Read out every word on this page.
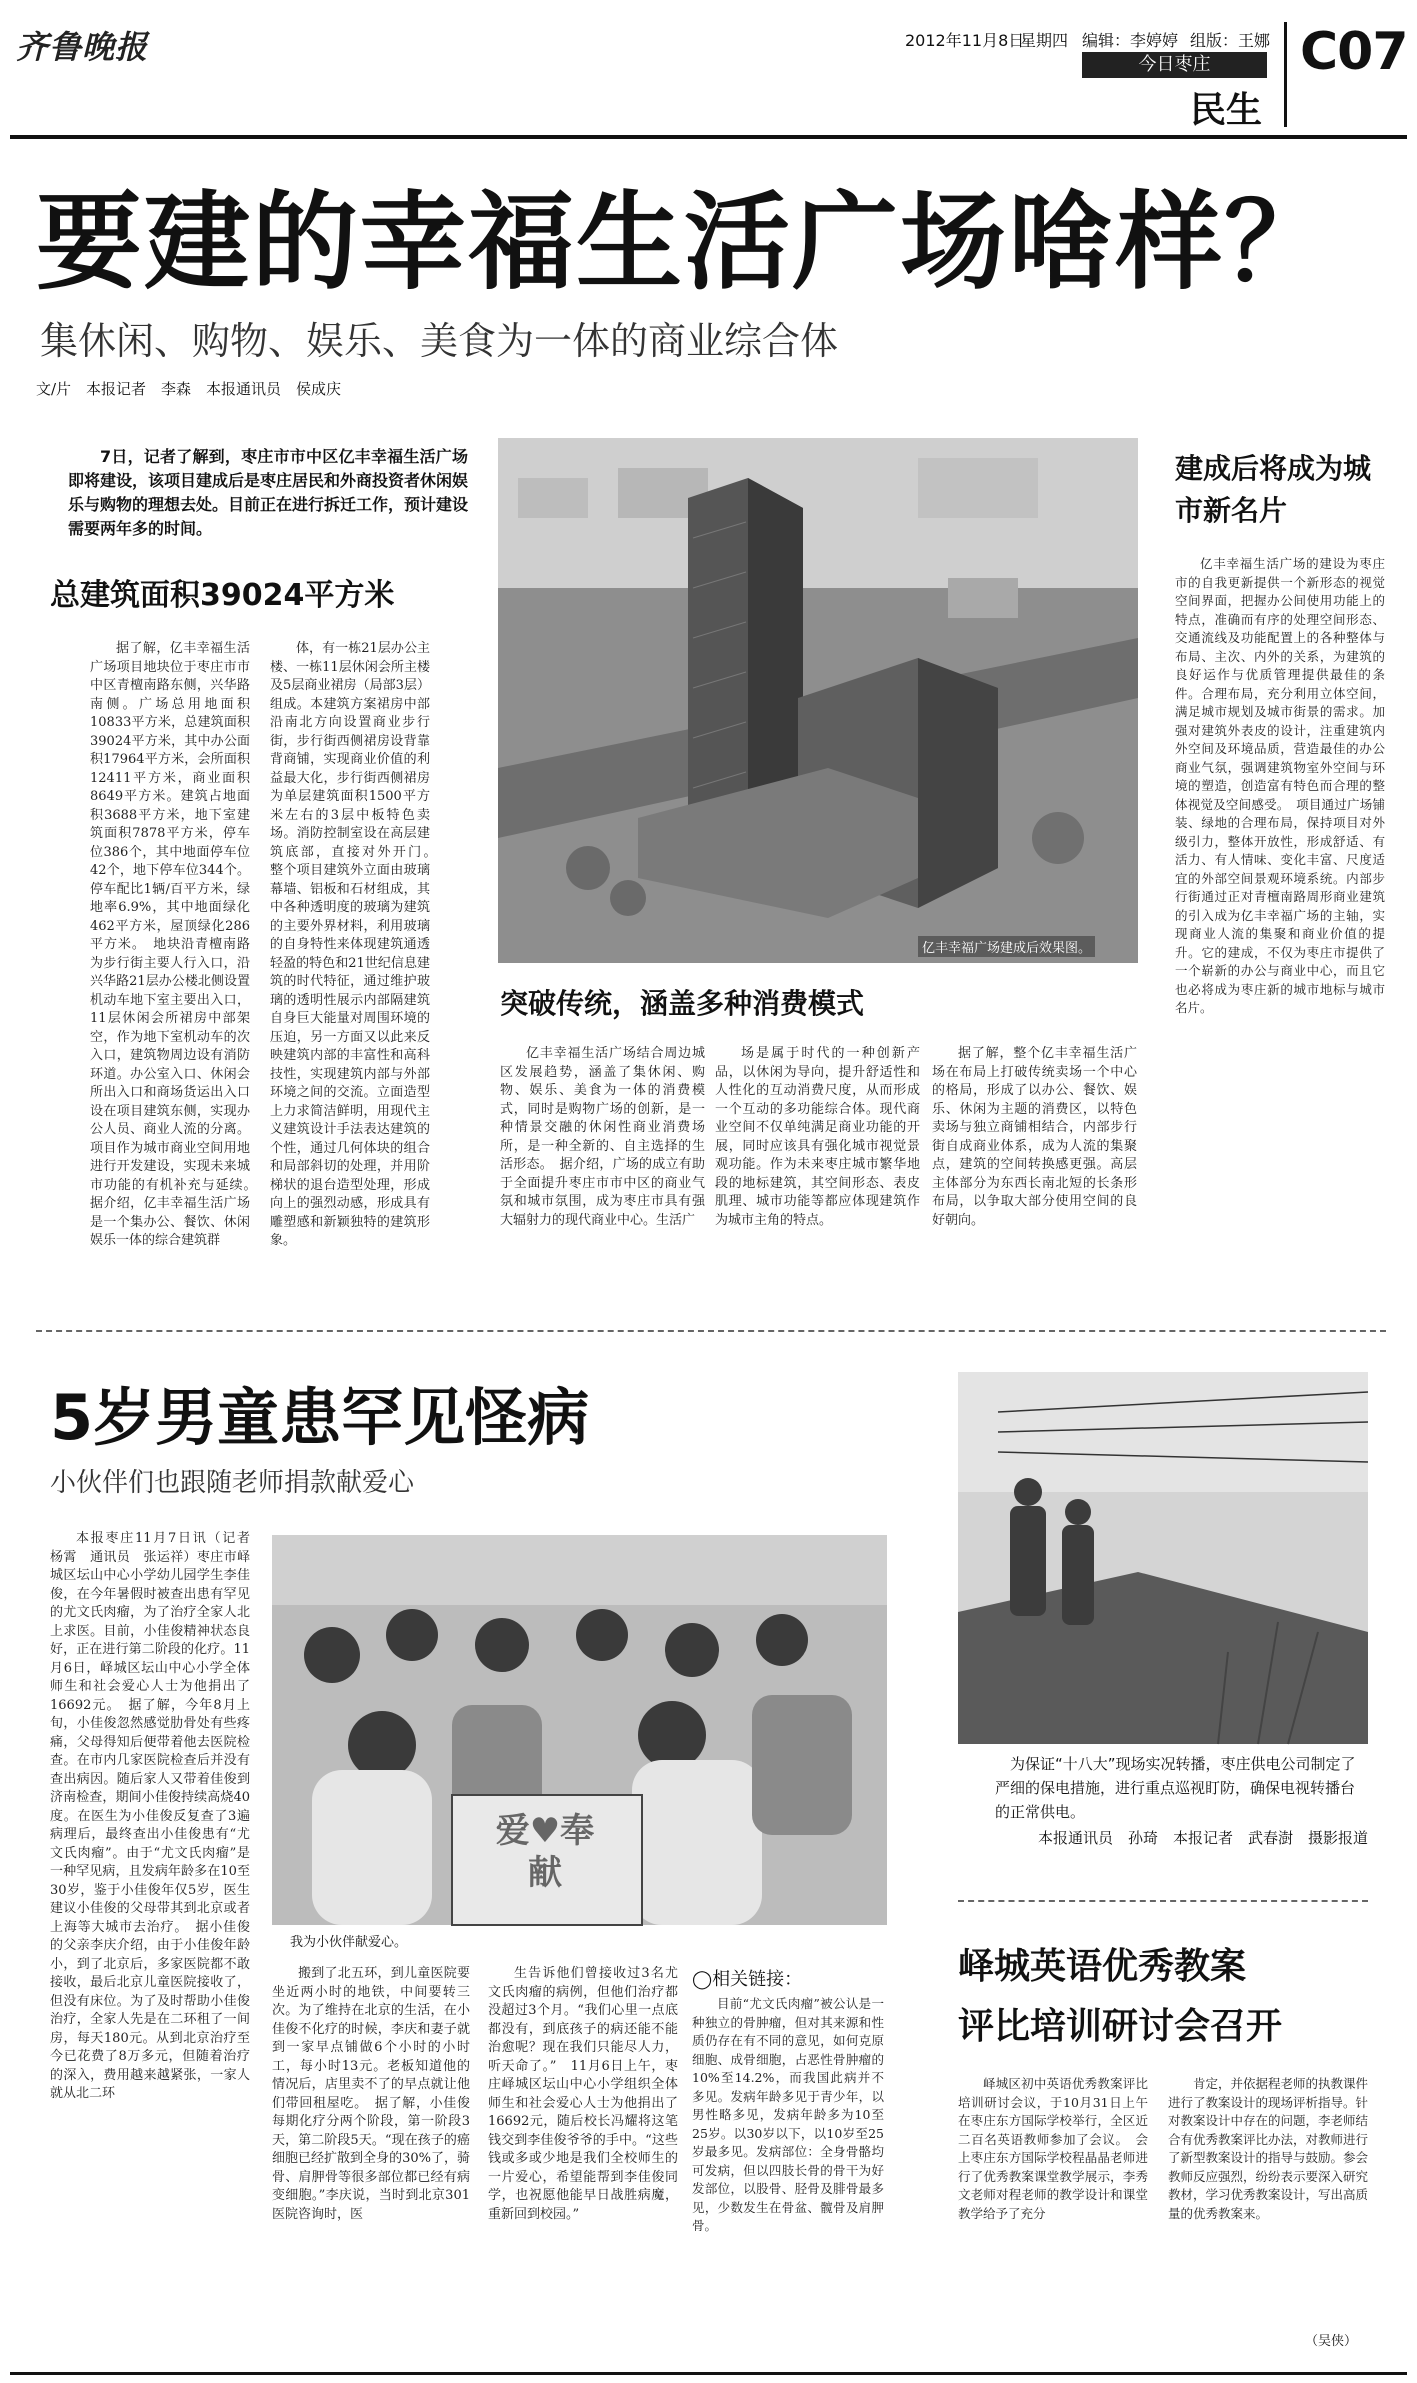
齐鲁晚报	2012年11月8日
星期四 编辑：李婷婷 组版：王娜
今日枣庄
民生
C07
要建的幸福生活广场啥样？
集休闲、购物、娱乐、美食为一体的商业综合体
文/片　本报记者　李森　本报通讯员　侯成庆
7日，记者了解到，枣庄市市中区亿丰幸福生活广场即将建设，该项目建成后是枣庄居民和外商投资者休闲娱乐与购物的理想去处。目前正在进行拆迁工作，预计建设需要两年多的时间。
总建筑面积39024平方米

据了解，亿丰幸福生活广场项目地块位于枣庄市市中区青檀南路东侧，兴华路南侧。广场总用地面积10833平方米，总建筑面积39024平方米，其中办公面积17964平方米，会所面积12411平方米，商业面积8649平方米。建筑占地面积3688平方米，地下室建筑面积7878平方米，停车位386个，其中地面停车位42个，地下停车位344个。停车配比1辆/百平方米，绿地率6.9%，其中地面绿化462平方米，屋顶绿化286平方米。　地块沿青檀南路为步行街主要人行入口，沿兴华路21层办公楼北侧设置机动车地下室主要出入口，11层休闲会所裙房中部架空，作为地下室机动车的次入口，建筑物周边设有消防环道。办公室入口、休闲会所出入口和商场货运出入口设在项目建筑东侧，实现办公人员、商业人流的分离。项目作为城市商业空间用地进行开发建设，实现未来城市功能的有机补充与延续。　据介绍，亿丰幸福生活广场是一个集办公、餐饮、休闲娱乐一体的综合建筑群

体，有一栋21层办公主楼、一栋11层休闲会所主楼及5层商业裙房（局部3层）组成。本建筑方案裙房中部沿南北方向设置商业步行街，步行街西侧裙房设背靠背商铺，实现商业价值的利益最大化，步行街西侧裙房为单层建筑面积1500平方米左右的3层中板特色卖场。消防控制室设在高层建筑底部，直接对外开门。　整个项目建筑外立面由玻璃幕墙、铝板和石材组成，其中各种透明度的玻璃为建筑的主要外界材料，利用玻璃的自身特性来体现建筑通透轻盈的特色和21世纪信息建筑的时代特征，通过维护玻璃的透明性展示内部隔建筑自身巨大能量对周围环境的压迫，另一方面又以此来反映建筑内部的丰富性和高科技性，实现建筑内部与外部环境之间的交流。立面造型上力求简洁鲜明，用现代主义建筑设计手法表达建筑的个性，通过几何体块的组合和局部斜切的处理，并用阶梯状的退台造型处理，形成向上的强烈动感，形成具有雕塑感和新颖独特的建筑形象。

亿丰幸福广场建成后效果图。
突破传统，涵盖多种消费模式

亿丰幸福生活广场结合周边城区发展趋势，涵盖了集休闲、购物、娱乐、美食为一体的消费模式，同时是购物广场的创新，是一种情景交融的休闲性商业消费场所，是一种全新的、自主选择的生活形态。　据介绍，广场的成立有助于全面提升枣庄市市中区的商业气氛和城市氛围，成为枣庄市具有强大辐射力的现代商业中心。生活广

场是属于时代的一种创新产品，以休闲为导向，提升舒适性和人性化的互动消费尺度，从而形成一个互动的多功能综合体。现代商业空间不仅单纯满足商业功能的开展，同时应该具有强化城市视觉景观功能。作为未来枣庄城市繁华地段的地标建筑，其空间形态、表皮肌理、城市功能等都应体现建筑作为城市主角的特点。

据了解，整个亿丰幸福生活广场在布局上打破传统卖场一个中心的格局，形成了以办公、餐饮、娱乐、休闲为主题的消费区，以特色卖场与独立商铺相结合，内部步行街自成商业体系，成为人流的集聚点，建筑的空间转换感更强。高层主体部分为东西长南北短的长条形布局，以争取大部分使用空间的良好朝向。

建成后将成为城市新名片

亿丰幸福生活广场的建设为枣庄市的自我更新提供一个新形态的视觉空间界面，把握办公间使用功能上的特点，准确而有序的处理空间形态、交通流线及功能配置上的各种整体与布局、主次、内外的关系，为建筑的良好运作与优质管理提供最佳的条件。合理布局，充分利用立体空间，满足城市规划及城市街景的需求。加强对建筑外表皮的设计，注重建筑内外空间及环境品质，营造最佳的办公商业气氛，强调建筑物室外空间与环境的塑造，创造富有特色而合理的整体视觉及空间感受。　项目通过广场铺装、绿地的合理布局，保持项目对外级引力，整体开放性，形成舒适、有活力、有人情味、变化丰富、尺度适宜的外部空间景观环境系统。内部步行街通过正对青檀南路周形商业建筑的引入成为亿丰幸福广场的主轴，实现商业人流的集聚和商业价值的提升。它的建成，不仅为枣庄市提供了一个崭新的办公与商业中心，而且它也必将成为枣庄新的城市地标与城市名片。

5岁男童患罕见怪病
小伙伴们也跟随老师捐款献爱心

本报枣庄11月7日讯（记者　杨霄　通讯员　张运祥）枣庄市峄城区坛山中心小学幼儿园学生李佳俊，在今年暑假时被查出患有罕见的尤文氏肉瘤，为了治疗全家人北上求医。目前，小佳俊精神状态良好，正在进行第二阶段的化疗。11月6日，峄城区坛山中心小学全体师生和社会爱心人士为他捐出了16692元。　据了解，今年8月上旬，小佳俊忽然感觉肋骨处有些疼痛，父母得知后便带着他去医院检查。在市内几家医院检查后并没有查出病因。随后家人又带着佳俊到济南检查，期间小佳俊持续高烧40度。在医生为小佳俊反复查了3遍病理后，最终查出小佳俊患有“尤文氏肉瘤”。由于“尤文氏肉瘤”是一种罕见病，且发病年龄多在10至30岁，鉴于小佳俊年仅5岁，医生建议小佳俊的父母带其到北京或者上海等大城市去治疗。　据小佳俊的父亲李庆介绍，由于小佳俊年龄小，到了北京后，多家医院都不敢接收，最后北京儿童医院接收了，但没有床位。为了及时帮助小佳俊治疗，全家人先是在二环租了一间房，每天180元。从到北京治疗至今已花费了8万多元，但随着治疗的深入，费用越来越紧张，一家人就从北二环

爱♥奉献
我为小伙伴献爱心。

搬到了北五环，到儿童医院要坐近两小时的地铁，中间要转三次。为了维持在北京的生活，在小佳俊不化疗的时候，李庆和妻子就到一家早点铺做6个小时的小时工，每小时13元。老板知道他的情况后，店里卖不了的早点就让他们带回租屋吃。　据了解，小佳俊每期化疗分两个阶段，第一阶段3天，第二阶段5天。“现在孩子的癌细胞已经扩散到全身的30%了，骑骨、肩胛骨等很多部位都已经有病变细胞。”李庆说，当时到北京301医院咨询时，医

生告诉他们曾接收过3名尤文氏肉瘤的病例，但他们治疗都没超过3个月。“我们心里一点底都没有，到底孩子的病还能不能治愈呢？现在我们只能尽人力，听天命了。”　11月6日上午，枣庄峄城区坛山中心小学组织全体师生和社会爱心人士为他捐出了16692元，随后校长冯耀将这笔钱交到李佳俊爷爷的手中。“这些钱或多或少地是我们全校师生的一片爱心，希望能帮到李佳俊同学，也祝愿他能早日战胜病魔，重新回到校园。”

◯相关链接：

目前“尤文氏肉瘤”被公认是一种独立的骨肿瘤，但对其来源和性质仍存在有不同的意见，如何克原细胞、成骨细胞，占恶性骨肿瘤的10%至14.2%，而我国此病并不多见。发病年龄多见于青少年，以男性略多见，发病年龄多为10至25岁。以30岁以下，以10岁至25岁最多见。发病部位：全身骨骼均可发病，但以四肢长骨的骨干为好发部位，以股骨、胫骨及腓骨最多见，少数发生在骨盆、髋骨及肩胛骨。

为保证“十八大”现场实况转播，枣庄供电公司制定了严细的保电措施，进行重点巡视盯防，确保电视转播台的正常供电。
本报通讯员　孙琦　本报记者　武春澍　摄影报道
峄城英语优秀教案
评比培训研讨会召开

峄城区初中英语优秀教案评比培训研讨会议，于10月31日上午在枣庄东方国际学校举行，全区近二百名英语教师参加了会议。　会上枣庄东方国际学校程晶晶老师进行了优秀教案课堂教学展示，李秀文老师对程老师的教学设计和课堂教学给予了充分

肯定，并依据程老师的执教课件进行了教案设计的现场评析指导。针对教案设计中存在的问题，李老师结合有优秀教案评比办法，对教师进行了新型教案设计的指导与鼓励。参会教师反应强烈，纷纷表示要深入研究教材，学习优秀教案设计，写出高质量的优秀教案来。

（吴侠）
